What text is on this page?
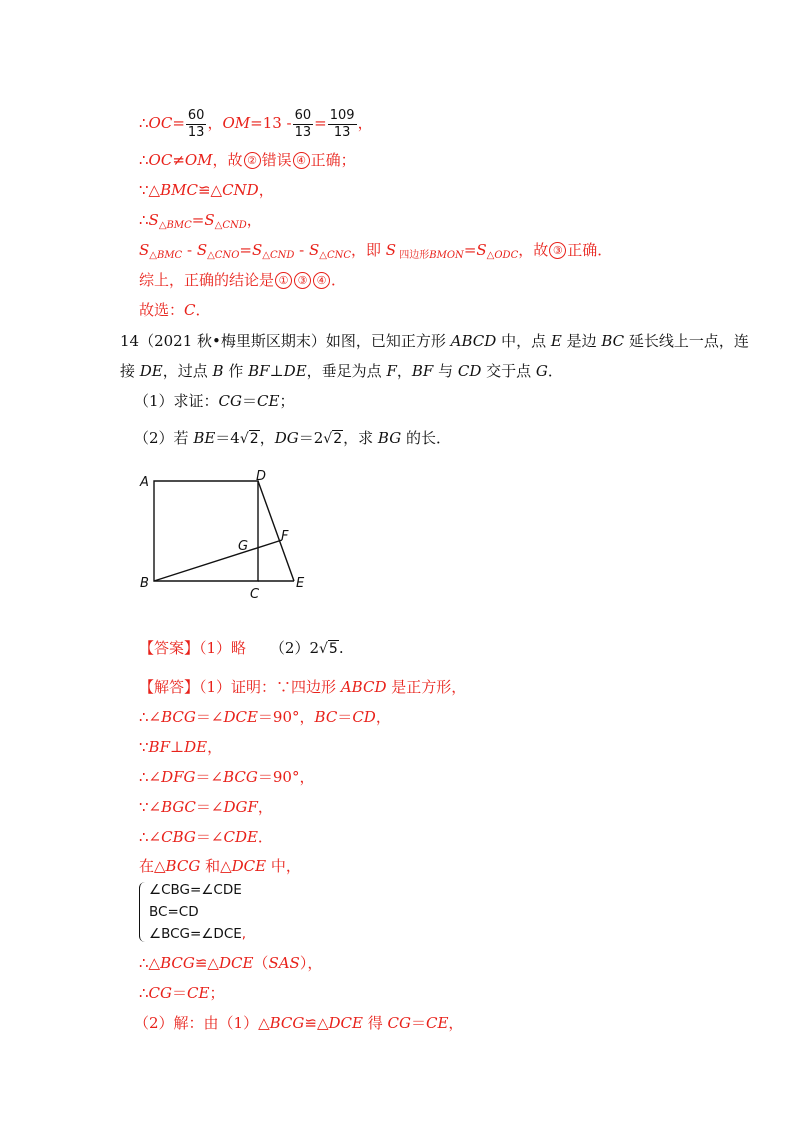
∴OC= $\frac{60}{13}$ ，$OM=13 - \frac{60}{13} = \frac{109}{13}$ ，
∴OC≠OM，故 ② 错误 ④ 正确；
∵△BMC≌△CND，
$\therefore S_{\triangle BMC}=S_{\triangle CND}$，
$S_{\triangle BMC} - S_{\triangle CNO}=S_{\triangle CND} - S_{\triangle CNC}$，即 S $_{四边形BMON}=S_{\triangle ODC}$，故 ③ 正确．
综上，正确的结论是 ① ③ ④ ．
故选：C．
14（2021 秋•梅里斯区期末）如图，已知正方形 ABCD 中，点 E 是边 BC 延长线上一点，连
接 DE，过点 B 作 BF⊥DE，垂足为点 F，BF 与 CD 交于点 G．
（1）求证：CG＝CE；
（2）若 BE＝4√2，DG＝2√2，求 BG 的长．
A
B
C
D
E
F
G
【答案】（1）略 （2）2√5.
【解答】（1）证明：∵四边形 ABCD 是正方形，
∴∠BCG＝∠DCE＝90°，BC＝CD，
∵BF⊥DE，
∴∠DFG＝∠BCG＝90°，
∵∠BGC＝∠DGF，
∴∠CBG＝∠CDE．
在△BCG 和△DCE 中，
∠CBG=∠CDE
BC=CD
∠BCG=∠DCE,
∴△BCG≌△DCE（SAS），
∴CG＝CE；
（2）解：由（1）△BCG≌△DCE 得 CG＝CE，
